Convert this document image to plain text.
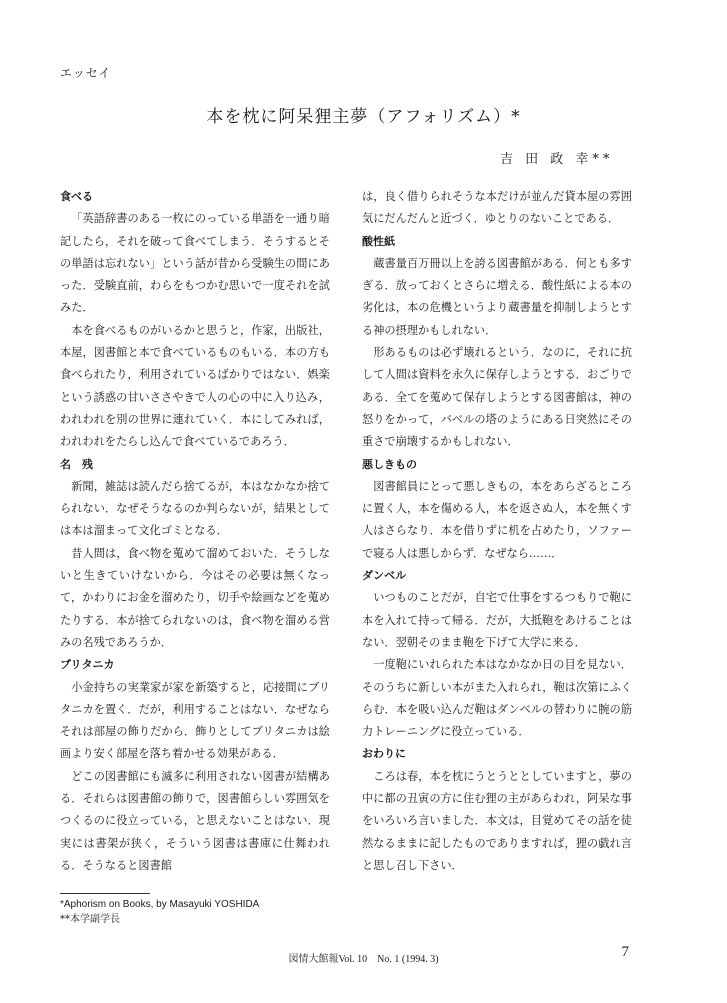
エッセイ
本を枕に阿呆狸主夢（アフォリズム）*
吉 田 政 幸**
食べる

「英語辞書のある一枚にのっている単語を一通り暗記したら，それを破って食べてしまう．そうするとその単語は忘れない」という話が昔から受験生の間にあった．受験直前，わらをもつかむ思いで一度それを試みた．

本を食べるものがいるかと思うと，作家，出版社，本屋，図書館と本で食べているものもいる．本の方も食べられたり，利用されているばかりではない．娯楽という誘惑の甘いささやきで人の心の中に入り込み，われわれを別の世界に連れていく．本にしてみれば，われわれをたらし込んで食べているであろう．

名　残

新聞，雑誌は読んだら捨てるが，本はなかなか捨てられない．なぜそうなるのか判らないが，結果としては本は溜まって文化ゴミとなる．

昔人間は，食べ物を蒐めて溜めておいた．そうしないと生きていけないから．今はその必要は無くなって，かわりにお金を溜めたり，切手や絵画などを蒐めたりする．本が捨てられないのは，食べ物を溜める営みの名残であろうか．

ブリタニカ

小金持ちの実業家が家を新築すると，応接間にブリタニカを置く．だが，利用することはない．なぜならそれは部屋の飾りだから．飾りとしてブリタニカは絵画より安く部屋を落ち着かせる効果がある．

どこの図書館にも滅多に利用されない図書が結構ある．それらは図書館の飾りで，図書館らしい雰囲気をつくるのに役立っている，と思えないことはない．現実には書架が狭く，そういう図書は書庫に仕舞われる．そうなると図書館

は，良く借りられそうな本だけが並んだ貸本屋の雰囲気にだんだんと近づく．ゆとりのないことである．

酸性紙

蔵書量百万冊以上を誇る図書館がある．何とも多すぎる．放っておくとさらに増える．酸性紙による本の劣化は，本の危機というより蔵書量を抑制しようとする神の摂理かもしれない．

形あるものは必ず壊れるという．なのに，それに抗して人間は資料を永久に保存しようとする．おごりである．全てを蒐めて保存しようとする図書館は，神の怒りをかって，バベルの塔のようにある日突然にその重さで崩壊するかもしれない．

悪しきもの

図書館員にとって悪しきもの，本をあらざるところに置く人，本を傷める人，本を返さぬ人，本を無くす人はさらなり．本を借りずに机を占めたり，ソファーで寝る人は悪しからず．なぜなら……．

ダンベル

いつものことだが，自宅で仕事をするつもりで鞄に本を入れて持って帰る．だが，大抵鞄をあけることはない．翌朝そのまま鞄を下げて大学に来る．

一度鞄にいれられた本はなかなか日の目を見ない．そのうちに新しい本がまた入れられ，鞄は次第にふくらむ．本を吸い込んだ鞄はダンベルの替わりに腕の筋力トレーニングに役立っている．

おわりに

ころは春，本を枕にうとうととしていますと，夢の中に都の丑寅の方に住む狸の主があらわれ，阿呆な事をいろいろ言いました．本文は，目覚めてその話を徒然なるままに記したものでありますれば，狸の戯れ言と思し召し下さい．

*Aphorism on Books, by Masayuki YOSHIDA
**本学副学長
図情大館報Vol. 10　No. 1 (1994. 3)	7
